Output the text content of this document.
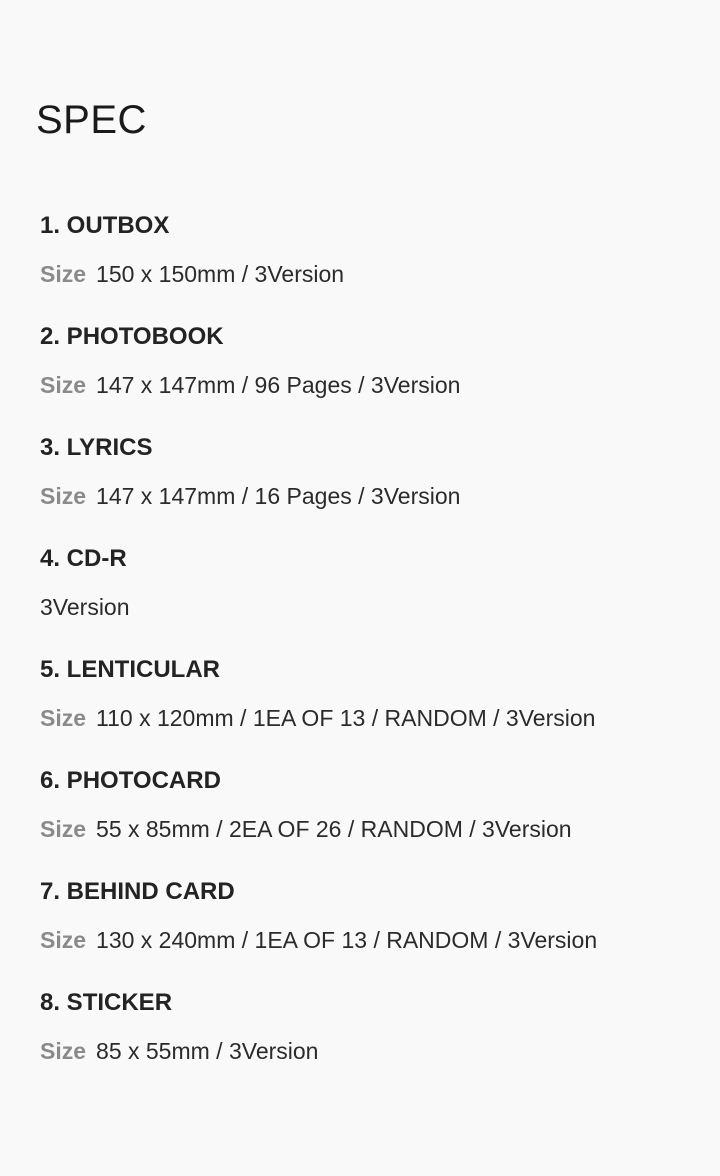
SPEC
1. OUTBOX

Size 150 x 150mm / 3Version

2. PHOTOBOOK

Size 147 x 147mm / 96 Pages / 3Version

3. LYRICS

Size 147 x 147mm / 16 Pages / 3Version

4. CD-R

3Version

5. LENTICULAR

Size 110 x 120mm / 1EA OF 13 / RANDOM / 3Version

6. PHOTOCARD

Size 55 x 85mm / 2EA OF 26 / RANDOM / 3Version

7. BEHIND CARD

Size 130 x 240mm / 1EA OF 13 / RANDOM / 3Version

8. STICKER

Size 85 x 55mm / 3Version
